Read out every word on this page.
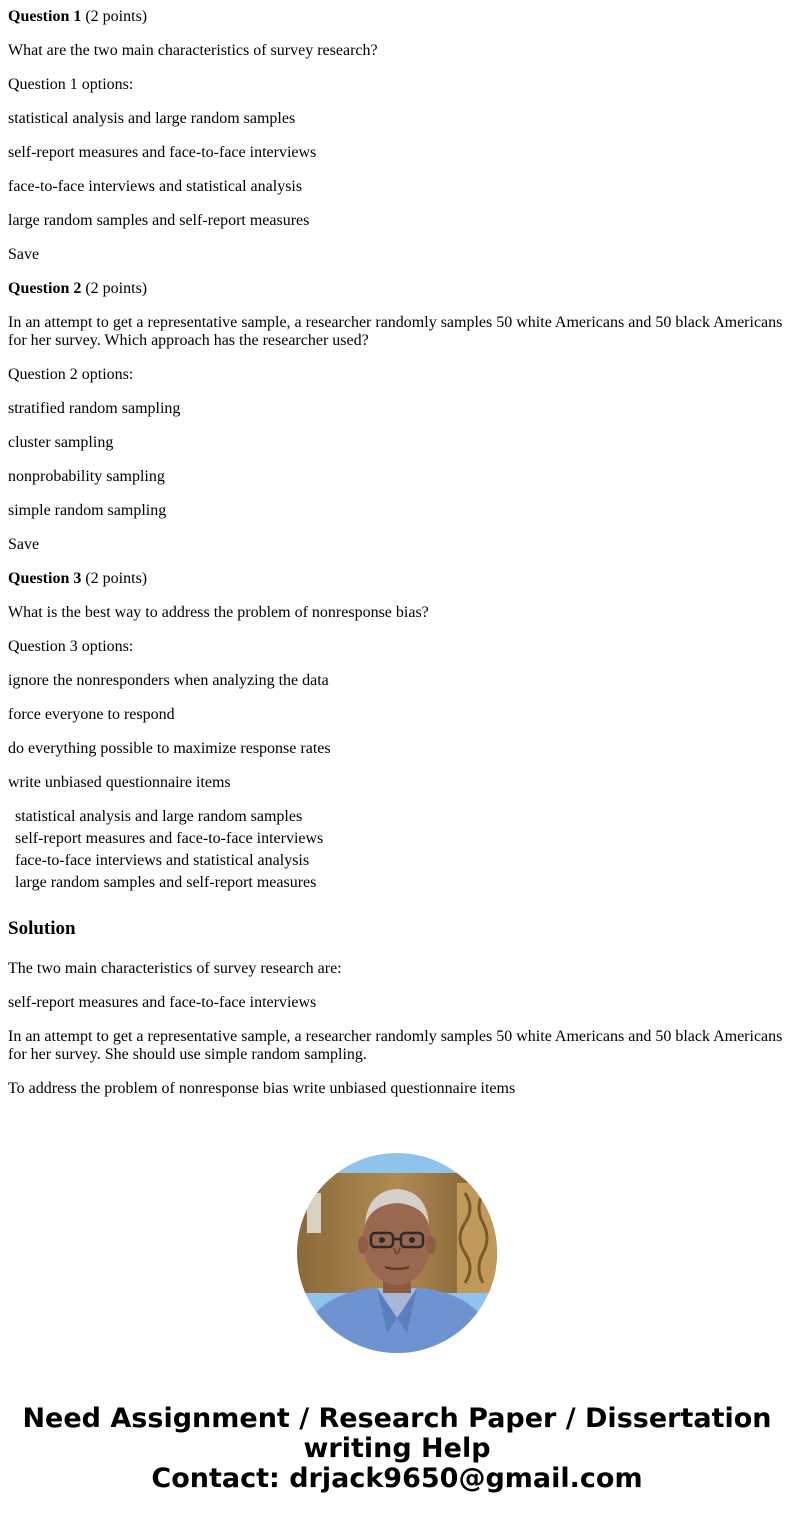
Question 1 (2 points)

What are the two main characteristics of survey research?

Question 1 options:

statistical analysis and large random samples

self-report measures and face-to-face interviews

face-to-face interviews and statistical analysis

large random samples and self-report measures

Save

Question 2 (2 points)

In an attempt to get a representative sample, a researcher randomly samples 50 white Americans and 50 black Americans for her survey. Which approach has the researcher used?

Question 2 options:

stratified random sampling

cluster sampling

nonprobability sampling

simple random sampling

Save

Question 3 (2 points)

What is the best way to address the problem of nonresponse bias?

Question 3 options:

ignore the nonresponders when analyzing the data

force everyone to respond

do everything possible to maximize response rates

write unbiased questionnaire items

statistical analysis and large random samples
self-report measures and face-to-face interviews
face-to-face interviews and statistical analysis
large random samples and self-report measures
Solution

The two main characteristics of survey research are:

self-report measures and face-to-face interviews

In an attempt to get a representative sample, a researcher randomly samples 50 white Americans and 50 black Americans for her survey. She should use simple random sampling.

To address the problem of nonresponse bias write unbiased questionnaire items

Need Assignment / Research Paper / Dissertation
writing Help
Contact: drjack9650@gmail.com
